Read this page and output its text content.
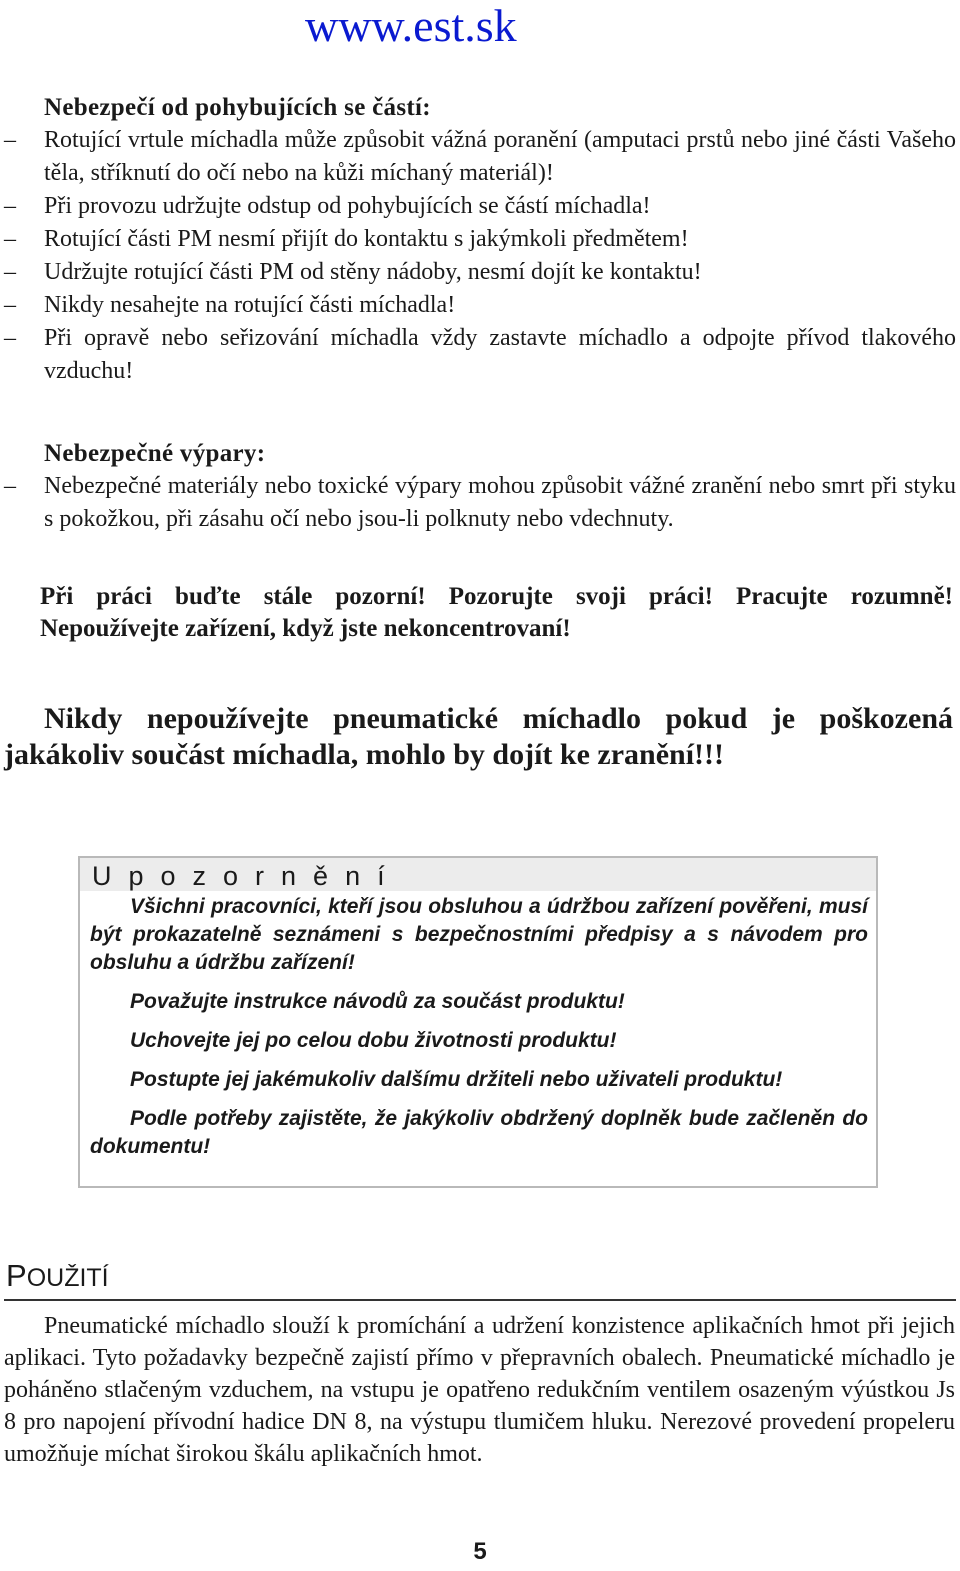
www.est.sk
Nebezpečí od pohybujících se částí:
– Rotující vrtule míchadla může způsobit vážná poranění (amputaci prstů nebo jiné části Vašeho těla, stříknutí do očí nebo na kůži míchaný materiál)!
– Při provozu udržujte odstup od pohybujících se částí míchadla!
– Rotující části PM nesmí přijít do kontaktu s jakýmkoli předmětem!
– Udržujte rotující části PM od stěny nádoby, nesmí dojít ke kontaktu!
– Nikdy nesahejte na rotující části míchadla!
– Při opravě nebo seřizování míchadla vždy zastavte míchadlo a odpojte přívod tlakového vzduchu!
Nebezpečné výpary:
– Nebezpečné materiály nebo toxické výpary mohou způsobit vážné zranění nebo smrt při styku s pokožkou, při zásahu očí nebo jsou-li polknuty nebo vdechnuty.
Při práci buďte stále pozorní! Pozorujte svoji práci! Pracujte rozumně!
Nepoužívejte zařízení, když jste nekoncentrovaní!
Nikdy nepoužívejte pneumatické míchadlo pokud je poškozená
jakákoliv součást míchadla, mohlo by dojít ke zranění!!!
Upozornění

Všichni pracovníci, kteří jsou obsluhou a údržbou zařízení pověřeni, musí být prokazatelně seznámeni s bezpečnostními předpisy a s návodem pro obsluhu a údržbu zařízení!

Považujte instrukce návodů za součást produktu!

Uchovejte jej po celou dobu životnosti produktu!

Postupte jej jakémukoliv dalšímu držiteli nebo uživateli produktu!

Podle potřeby zajistěte, že jakýkoliv obdržený doplněk bude začleněn do dokumentu!

POUŽITÍ
Pneumatické míchadlo slouží k promíchání a udržení konzistence aplikačních hmot při jejich aplikaci. Tyto požadavky bezpečně zajistí přímo v přepravních obalech. Pneumatické míchadlo je poháněno stlačeným vzduchem, na vstupu je opatřeno redukčním ventilem osazeným výústkou Js 8 pro napojení přívodní hadice DN 8, na výstupu tlumičem hluku. Nerezové provedení propeleru umožňuje míchat širokou škálu aplikačních hmot.
5
